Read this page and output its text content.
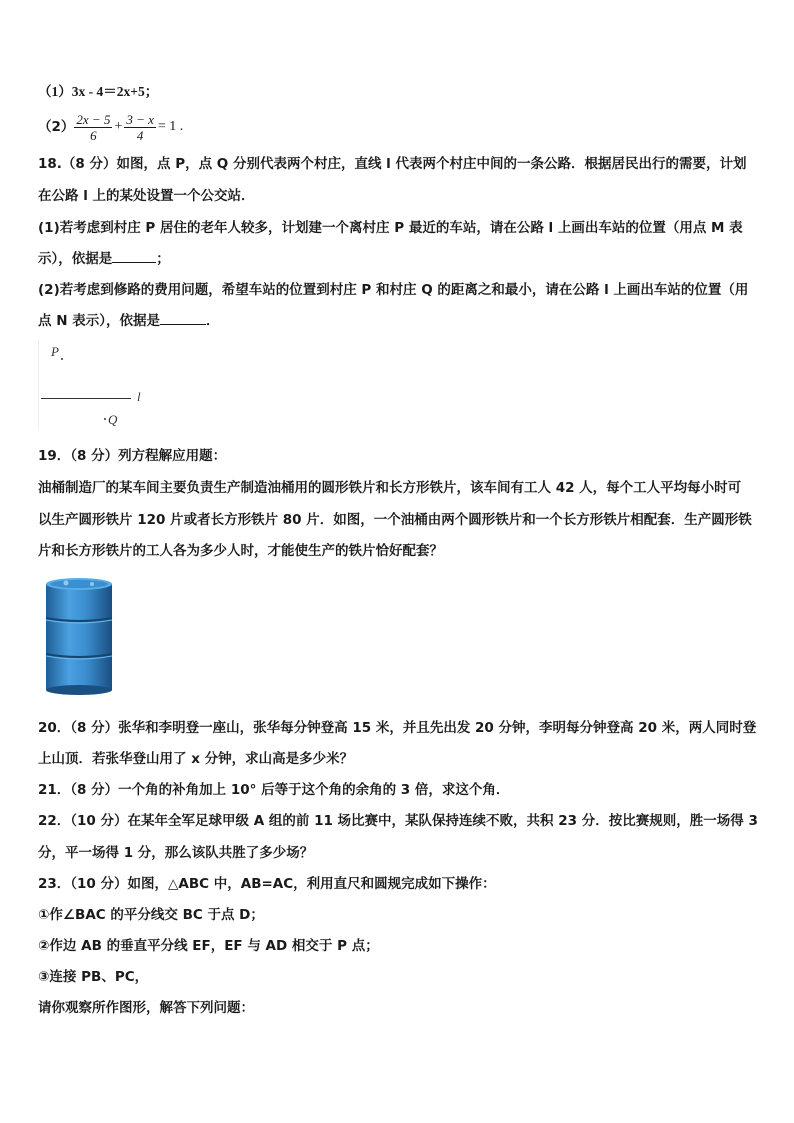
（1）3x - 4＝2x+5；
$(2) \frac{2x - 5}{6} + \frac{3 - x}{4} = 1$ .
18.（8 分）如图，点 P，点 Q 分别代表两个村庄，直线 l 代表两个村庄中间的一条公路．根据居民出行的需要，计划
在公路 l 上的某处设置一个公交站．
(1)若考虑到村庄 P 居住的老年人较多，计划建一个离村庄 P 最近的车站，请在公路 l 上画出车站的位置（用点 M 表
示），依据是	；
(2)若考虑到修路的费用问题，希望车站的位置到村庄 P 和村庄 Q 的距离之和最小，请在公路 l 上画出车站的位置（用
点 N 表示），依据是	．
P
l
Q
19．（8 分）列方程解应用题：
油桶制造厂的某车间主要负责生产制造油桶用的圆形铁片和长方形铁片，该车间有工人 42 人，每个工人平均每小时可
以生产圆形铁片 120 片或者长方形铁片 80 片．如图，一个油桶由两个圆形铁片和一个长方形铁片相配套．生产圆形铁
片和长方形铁片的工人各为多少人时，才能使生产的铁片恰好配套？
20．（8 分）张华和李明登一座山，张华每分钟登高 15 米，并且先出发 20 分钟，李明每分钟登高 20 米，两人同时登
上山顶．若张华登山用了 x 分钟，求山高是多少米？
21．（8 分）一个角的补角加上 10° 后等于这个角的余角的 3 倍，求这个角．
22．（10 分）在某年全军足球甲级 A 组的前 11 场比赛中，某队保持连续不败，共积 23 分．按比赛规则，胜一场得 3
分，平一场得 1 分，那么该队共胜了多少场？
23．（10 分）如图，△ABC 中，AB=AC，利用直尺和圆规完成如下操作：
①作∠BAC 的平分线交 BC 于点 D；
②作边 AB 的垂直平分线 EF，EF 与 AD 相交于 P 点；
③连接 PB、PC，
请你观察所作图形，解答下列问题：
